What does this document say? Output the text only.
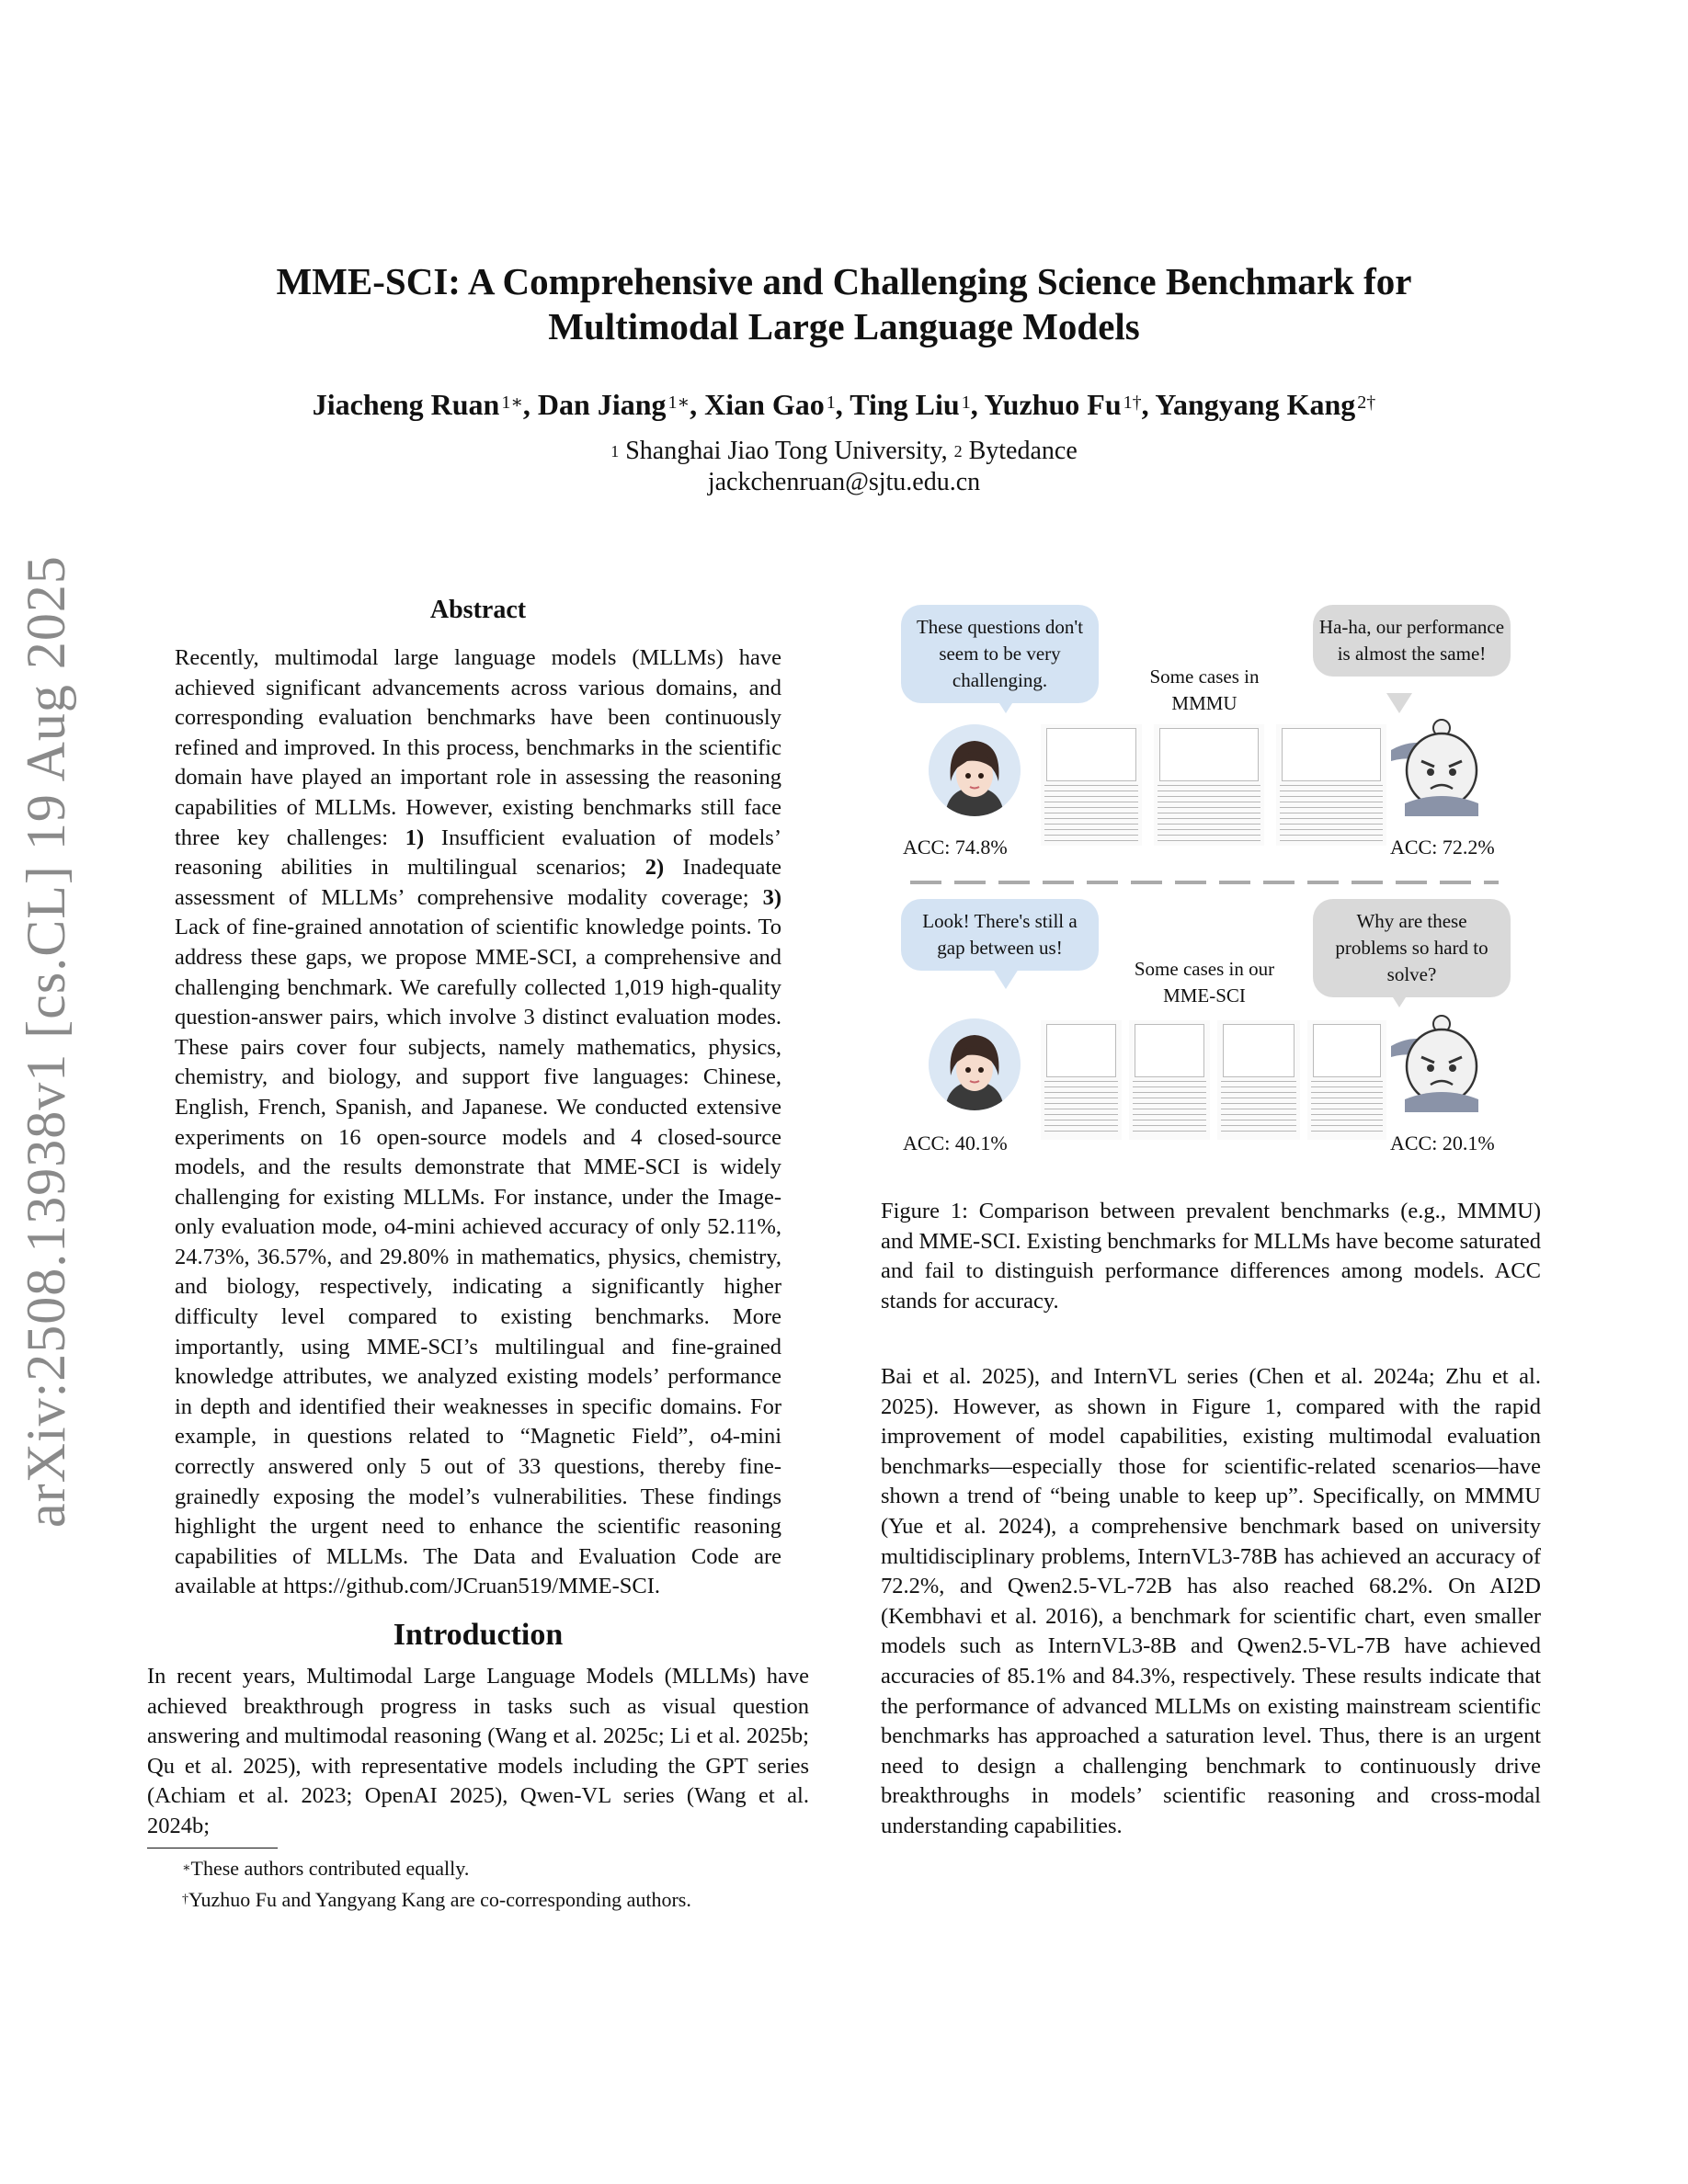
arXiv:2508.13938v1 [cs.CL] 19 Aug 2025
MME-SCI: A Comprehensive and Challenging Science Benchmark for
Multimodal Large Language Models
Jiacheng Ruan $^{1∗}$, Dan Jiang $^{1∗}$, Xian Gao $^1$, Ting Liu $^1$, Yuzhuo Fu $^{1\dagger}$, Yangyang Kang $^{2\dagger}$
$^1$ Shanghai Jiao Tong University, $^2$ Bytedance
jackchenruan@sjtu.edu.cn
Abstract
Recently, multimodal large language models (MLLMs) have achieved significant advancements across various domains, and corresponding evaluation benchmarks have been continuously refined and improved. In this process, benchmarks in the scientific domain have played an important role in assessing the reasoning capabilities of MLLMs. However, existing benchmarks still face three key challenges: 1) Insufficient evaluation of models’ reasoning abilities in multilingual scenarios; 2) Inadequate assessment of MLLMs’ comprehensive modality coverage; 3) Lack of fine-grained annotation of scientific knowledge points. To address these gaps, we propose MME-SCI, a comprehensive and challenging benchmark. We carefully collected 1,019 high-quality question-answer pairs, which involve 3 distinct evaluation modes. These pairs cover four subjects, namely mathematics, physics, chemistry, and biology, and support five languages: Chinese, English, French, Spanish, and Japanese. We conducted extensive experiments on 16 open-source models and 4 closed-source models, and the results demonstrate that MME-SCI is widely challenging for existing MLLMs. For instance, under the Image-only evaluation mode, o4-mini achieved accuracy of only 52.11%, 24.73%, 36.57%, and 29.80% in mathematics, physics, chemistry, and biology, respectively, indicating a significantly higher difficulty level compared to existing benchmarks. More importantly, using MME-SCI’s multilingual and fine-grained knowledge attributes, we analyzed existing models’ performance in depth and identified their weaknesses in specific domains. For example, in questions related to “Magnetic Field”, o4-mini correctly answered only 5 out of 33 questions, thereby fine-grainedly exposing the model’s vulnerabilities. These findings highlight the urgent need to enhance the scientific reasoning capabilities of MLLMs. The Data and Evaluation Code are available at https://github.com/JCruan519/MME-SCI.
Introduction
In recent years, Multimodal Large Language Models (MLLMs) have achieved breakthrough progress in tasks such as visual question answering and multimodal reasoning (Wang et al. 2025c; Li et al. 2025b; Qu et al. 2025), with representative models including the GPT series (Achiam et al. 2023; OpenAI 2025), Qwen-VL series (Wang et al. 2024b;
∗These authors contributed equally.
†Yuzhuo Fu and Yangyang Kang are co-corresponding authors.
These questions don't seem to be very challenging.
Ha-ha, our performance is almost the same!
Some cases in MMMU
ACC: 74.8%	ACC: 72.2%
Look! There's still a gap between us!
Why are these problems so hard to solve?
Some cases in our MME-SCI
ACC: 40.1%	ACC: 20.1%
Figure 1: Comparison between prevalent benchmarks (e.g., MMMU) and MME-SCI. Existing benchmarks for MLLMs have become saturated and fail to distinguish performance differences among models. ACC stands for accuracy.
Bai et al. 2025), and InternVL series (Chen et al. 2024a; Zhu et al. 2025). However, as shown in Figure 1, compared with the rapid improvement of model capabilities, existing multimodal evaluation benchmarks—especially those for scientific-related scenarios—have shown a trend of “being unable to keep up”. Specifically, on MMMU (Yue et al. 2024), a comprehensive benchmark based on university multidisciplinary problems, InternVL3-78B has achieved an accuracy of 72.2%, and Qwen2.5-VL-72B has also reached 68.2%. On AI2D (Kembhavi et al. 2016), a benchmark for scientific chart, even smaller models such as InternVL3-8B and Qwen2.5-VL-7B have achieved accuracies of 85.1% and 84.3%, respectively. These results indicate that the performance of advanced MLLMs on existing mainstream scientific benchmarks has approached a saturation level. Thus, there is an urgent need to design a challenging benchmark to continuously drive breakthroughs in models’ scientific reasoning and cross-modal understanding capabilities.
